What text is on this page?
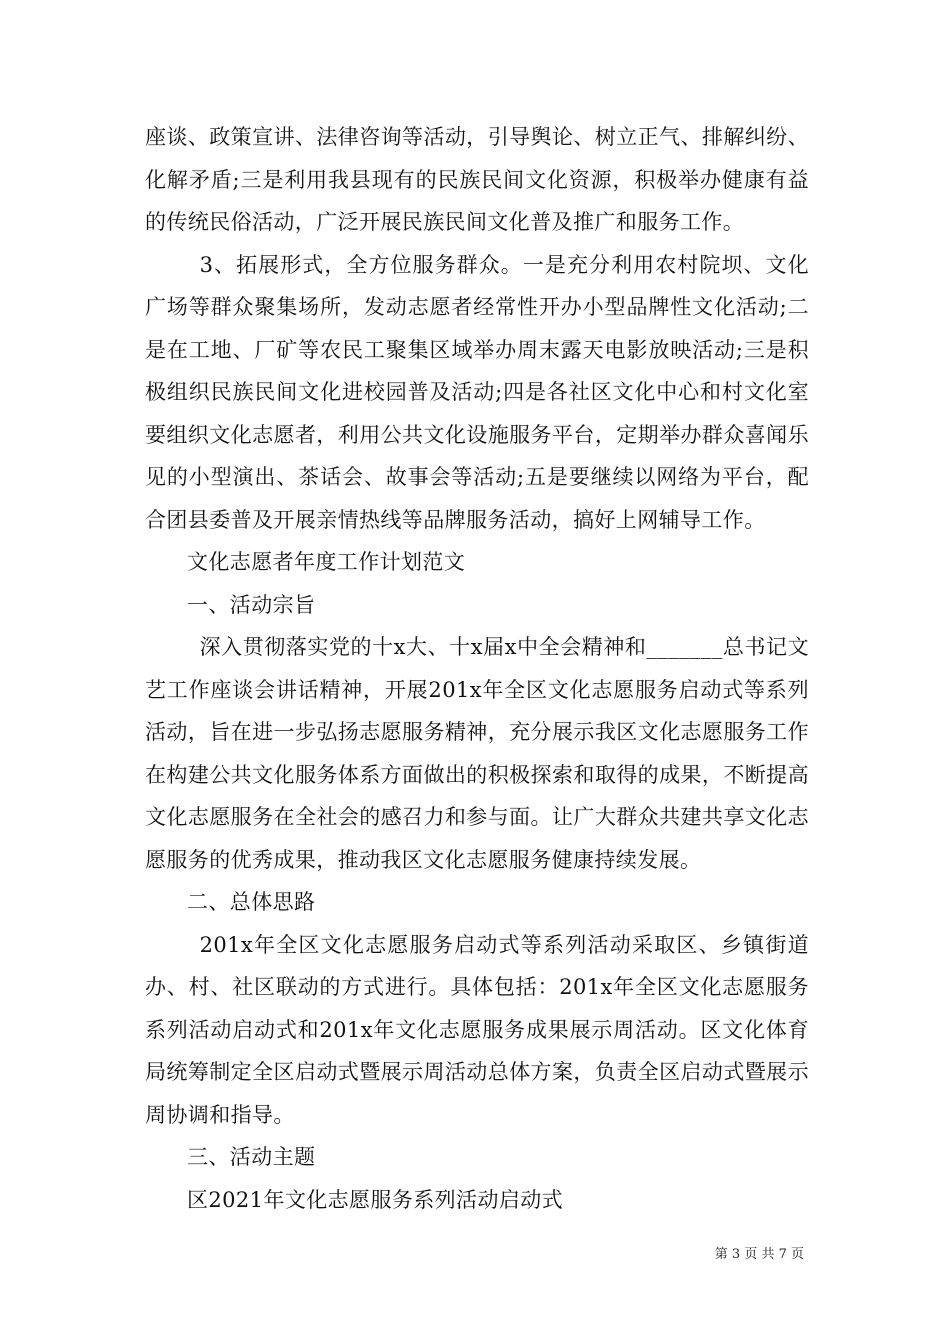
座谈、政策宣讲、法律咨询等活动，引导舆论、树立正气、排解纠纷、化解矛盾;三是利用我县现有的民族民间文化资源，积极举办健康有益的传统民俗活动，广泛开展民族民间文化普及推广和服务工作。

3、拓展形式，全方位服务群众。一是充分利用农村院坝、文化广场等群众聚集场所，发动志愿者经常性开办小型品牌性文化活动;二是在工地、厂矿等农民工聚集区域举办周末露天电影放映活动;三是积极组织民族民间文化进校园普及活动;四是各社区文化中心和村文化室要组织文化志愿者，利用公共文化设施服务平台，定期举办群众喜闻乐见的小型演出、茶话会、故事会等活动;五是要继续以网络为平台，配合团县委普及开展亲情热线等品牌服务活动，搞好上网辅导工作。

文化志愿者年度工作计划范文

一、活动宗旨

深入贯彻落实党的十x大、十x届x中全会精神和_______总书记文艺工作座谈会讲话精神，开展201x年全区文化志愿服务启动式等系列活动，旨在进一步弘扬志愿服务精神，充分展示我区文化志愿服务工作在构建公共文化服务体系方面做出的积极探索和取得的成果，不断提高文化志愿服务在全社会的感召力和参与面。让广大群众共建共享文化志愿服务的优秀成果，推动我区文化志愿服务健康持续发展。

二、总体思路

201x年全区文化志愿服务启动式等系列活动采取区、乡镇街道办、村、社区联动的方式进行。具体包括：201x年全区文化志愿服务系列活动启动式和201x年文化志愿服务成果展示周活动。区文化体育局统筹制定全区启动式暨展示周活动总体方案，负责全区启动式暨展示周协调和指导。

三、活动主题

区2021年文化志愿服务系列活动启动式

第 3 页 共 7 页
